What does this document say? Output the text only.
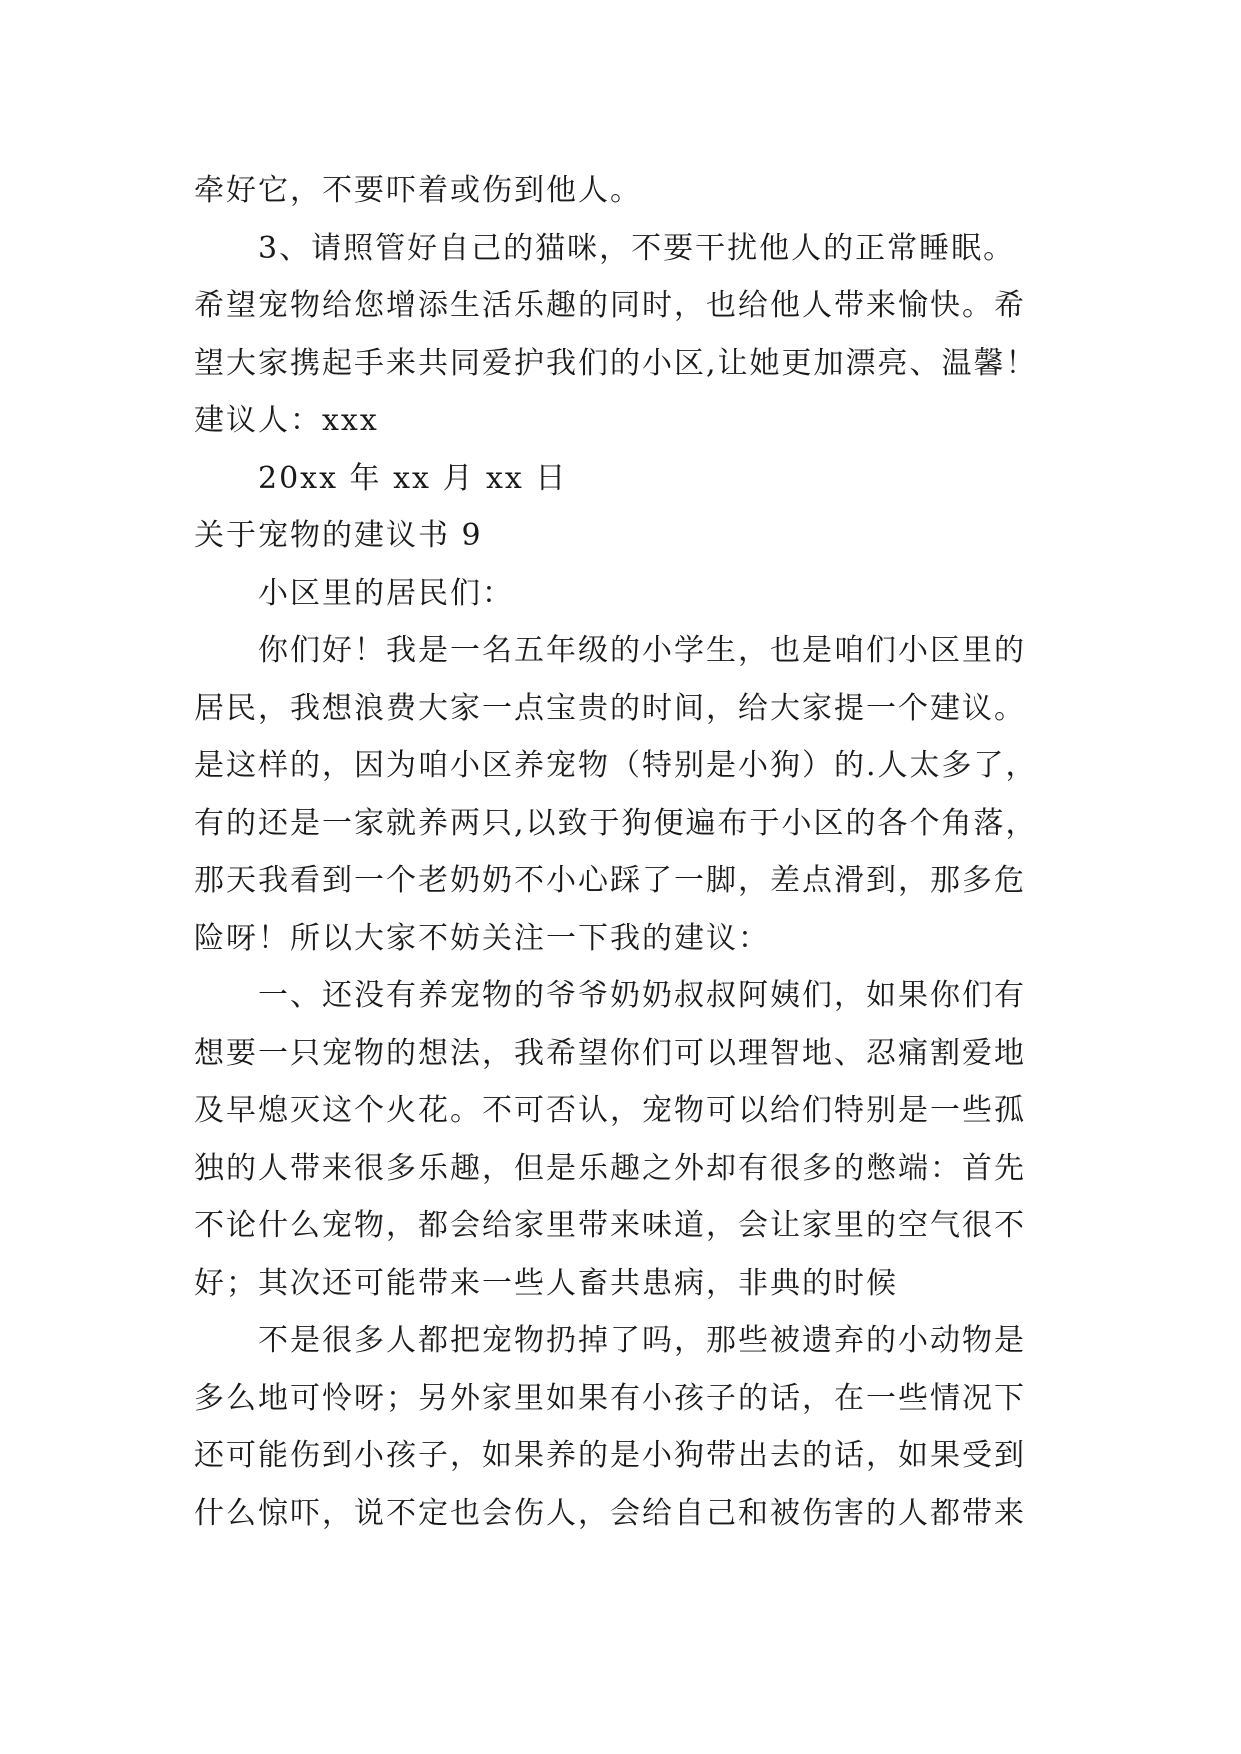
牵好它，不要吓着或伤到他人。
3、请照管好自己的猫咪，不要干扰他人的正常睡眠。
希望宠物给您增添生活乐趣的同时，也给他人带来愉快。希
望大家携起手来共同爱护我们的小区,让她更加漂亮、温馨！
建议人：xxx
20xx 年 xx 月 xx 日
关于宠物的建议书 9
小区里的居民们：
你们好！我是一名五年级的小学生，也是咱们小区里的
居民，我想浪费大家一点宝贵的时间，给大家提一个建议。
是这样的，因为咱小区养宠物（特别是小狗）的.人太多了，
有的还是一家就养两只,以致于狗便遍布于小区的各个角落，
那天我看到一个老奶奶不小心踩了一脚，差点滑到，那多危
险呀！所以大家不妨关注一下我的建议：
一、还没有养宠物的爷爷奶奶叔叔阿姨们，如果你们有
想要一只宠物的想法，我希望你们可以理智地、忍痛割爱地
及早熄灭这个火花。不可否认，宠物可以给们特别是一些孤
独的人带来很多乐趣，但是乐趣之外却有很多的憋端：首先
不论什么宠物，都会给家里带来味道，会让家里的空气很不
好；其次还可能带来一些人畜共患病，非典的时候
不是很多人都把宠物扔掉了吗，那些被遗弃的小动物是
多么地可怜呀；另外家里如果有小孩子的话，在一些情况下
还可能伤到小孩子，如果养的是小狗带出去的话，如果受到
什么惊吓，说不定也会伤人，会给自己和被伤害的人都带来
